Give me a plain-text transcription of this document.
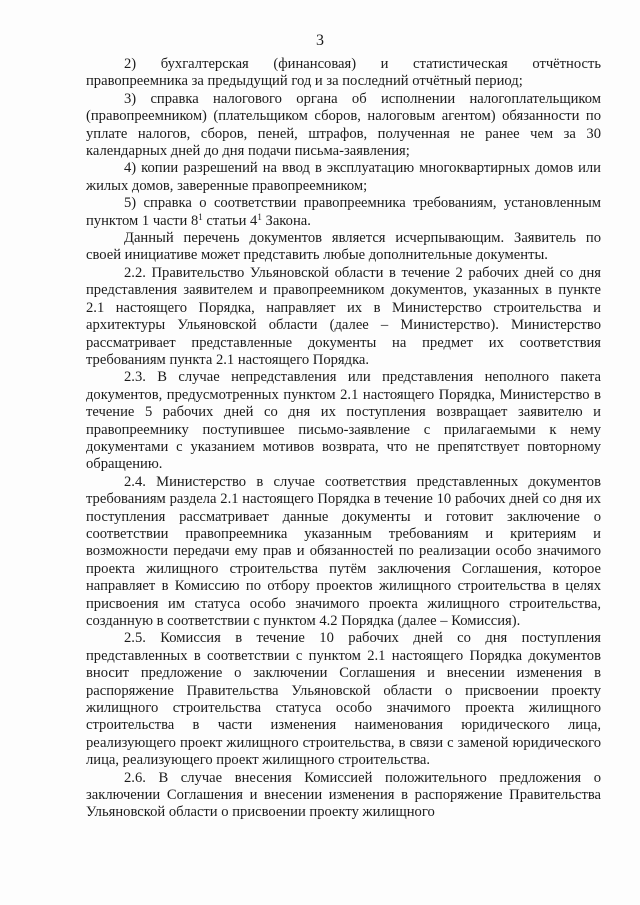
3

2) бухгалтерская (финансовая) и статистическая отчётность правопреемника за предыдущий год и за последний отчётный период;

3) справка налогового органа об исполнении налогоплательщиком (правопреемником) (плательщиком сборов, налоговым агентом) обязанности по уплате налогов, сборов, пеней, штрафов, полученная не ранее чем за 30 календарных дней до дня подачи письма-заявления;

4) копии разрешений на ввод в эксплуатацию многоквартирных домов или жилых домов, заверенные правопреемником;

5) справка о соответствии правопреемника требованиям, установленным пунктом 1 части $8^1$ статьи $4^1$ Закона.

Данный перечень документов является исчерпывающим. Заявитель по своей инициативе может представить любые дополнительные документы.

2.2. Правительство Ульяновской области в течение 2 рабочих дней со дня представления заявителем и правопреемником документов, указанных в пункте 2.1 настоящего Порядка, направляет их в Министерство строительства и архитектуры Ульяновской области (далее – Министерство). Министерство рассматривает представленные документы на предмет их соответствия требованиям пункта 2.1 настоящего Порядка.

2.3. В случае непредставления или представления неполного пакета документов, предусмотренных пунктом 2.1 настоящего Порядка, Министерство в течение 5 рабочих дней со дня их поступления возвращает заявителю и правопреемнику поступившее письмо-заявление с прилагаемыми к нему документами с указанием мотивов возврата, что не препятствует повторному обращению.

2.4. Министерство в случае соответствия представленных документов требованиям раздела 2.1 настоящего Порядка в течение 10 рабочих дней со дня их поступления рассматривает данные документы и готовит заключение о соответствии правопреемника указанным требованиям и критериям и возможности передачи ему прав и обязанностей по реализации особо значимого проекта жилищного строительства путём заключения Соглашения, которое направляет в Комиссию по отбору проектов жилищного строительства в целях присвоения им статуса особо значимого проекта жилищного строительства, созданную в соответствии с пунктом 4.2 Порядка (далее – Комиссия).

2.5. Комиссия в течение 10 рабочих дней со дня поступления представленных в соответствии с пунктом 2.1 настоящего Порядка документов вносит предложение о заключении Соглашения и внесении изменения в распоряжение Правительства Ульяновской области о присвоении проекту жилищного строительства статуса особо значимого проекта жилищного строительства в части изменения наименования юридического лица, реализующего проект жилищного строительства, в связи с заменой юридического лица, реализующего проект жилищного строительства.

2.6. В случае внесения Комиссией положительного предложения о заключении Соглашения и внесении изменения в распоряжение Правительства Ульяновской области о присвоении проекту жилищного
